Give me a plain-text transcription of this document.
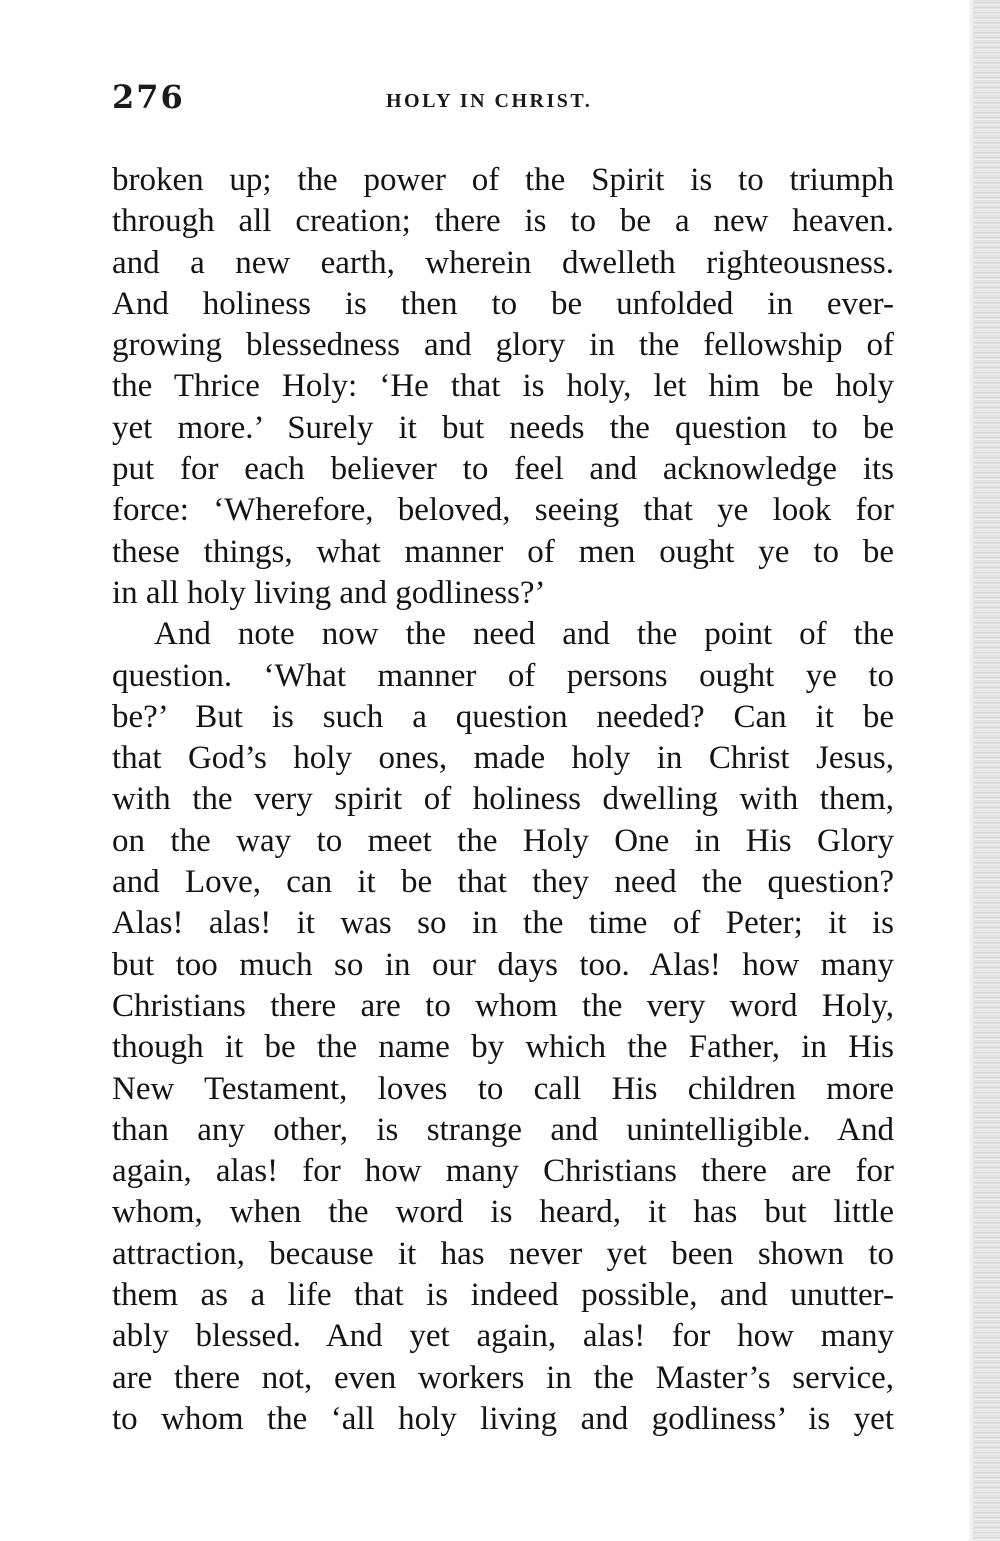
276	HOLY IN CHRIST.
broken up; the power of the Spirit is to triumph
through all creation; there is to be a new heaven.
and a new earth, wherein dwelleth righteousness.
And holiness is then to be unfolded in ever-
growing blessedness and glory in the fellowship of
the Thrice Holy: ‘He that is holy, let him be holy
yet more.’ Surely it but needs the question to be
put for each believer to feel and acknowledge its
force: ‘Wherefore, beloved, seeing that ye look for
these things, what manner of men ought ye to be
in all holy living and godliness?’
And note now the need and the point of the
question. ‘What manner of persons ought ye to
be?’ But is such a question needed? Can it be
that God’s holy ones, made holy in Christ Jesus,
with the very spirit of holiness dwelling with them,
on the way to meet the Holy One in His Glory
and Love, can it be that they need the question?
Alas! alas! it was so in the time of Peter; it is
but too much so in our days too. Alas! how many
Christians there are to whom the very word Holy,
though it be the name by which the Father, in His
New Testament, loves to call His children more
than any other, is strange and unintelligible. And
again, alas! for how many Christians there are for
whom, when the word is heard, it has but little
attraction, because it has never yet been shown to
them as a life that is indeed possible, and unutter-
ably blessed. And yet again, alas! for how many
are there not, even workers in the Master’s service,
to whom the ‘all holy living and godliness’ is yet
